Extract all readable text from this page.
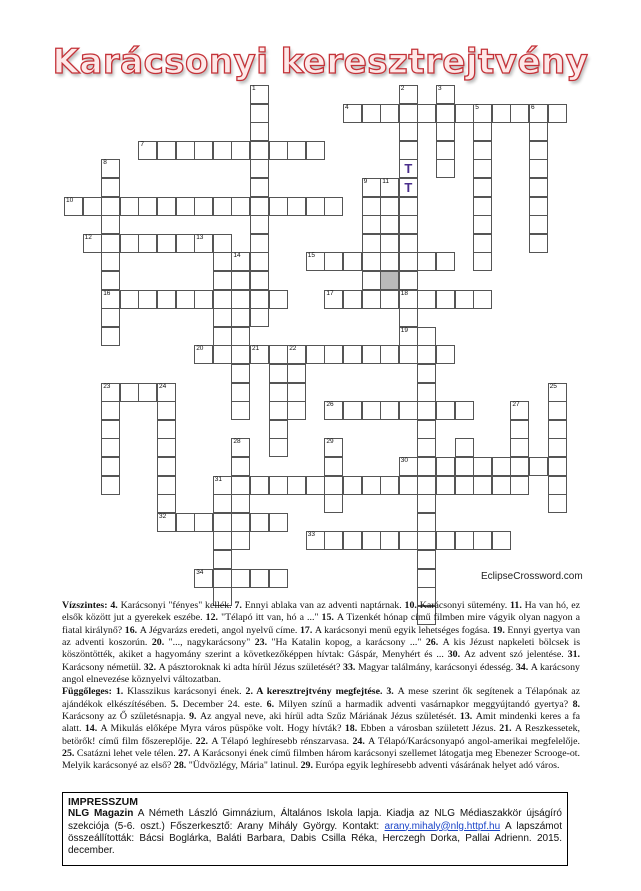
Karácsonyi keresztrejtvény
4	5	6
7
10
12	13
15
16	17	18
20	21	22
23	24
26
30
31
32
33
34
1	2
T
T
19
3
8
9 11
14
25
27
28	29
EclipseCrossword.com

Vízszintes: 4. Karácsonyi "fényes" kellék. 7. Ennyi ablaka van az adventi naptárnak. 10. Karácsonyi sütemény. 11. Ha van hó, ez elsők között jut a gyerekek eszébe. 12. "Télapó itt van, hó a ..." 15. A Tizenkét hónap című filmben mire vágyik olyan nagyon a fiatal királynő? 16. A Jégvarázs eredeti, angol nyelvű címe. 17. A karácsonyi menü egyik lehetséges fogása. 19. Ennyi gyertya van az adventi koszorún. 20. "..., nagykarácsony" 23. "Ha Katalin kopog, a karácsony ..." 26. A kis Jézust napkeleti bölcsek is köszöntötték, akiket a hagyomány szerint a következőképpen hívtak: Gáspár, Menyhért és ... 30. Az advent szó jelentése. 31. Karácsony németül. 32. A pásztoroknak ki adta hírül Jézus születését? 33. Magyar találmány, karácsonyi édesség. 34. A karácsony angol elnevezése köznyelvi változatban.

Függőleges: 1. Klasszikus karácsonyi ének. 2. A keresztrejtvény megfejtése. 3. A mese szerint ők segítenek a Télapónak az ajándékok elkészítésében. 5. December 24. este. 6. Milyen színű a harmadik adventi vasárnapkor meggyújtandó gyertya? 8. Karácsony az Ő születésnapja. 9. Az angyal neve, aki hírül adta Szűz Máriának Jézus születését. 13. Amit mindenki keres a fa alatt. 14. A Mikulás előképe Myra város püspöke volt. Hogy hívták? 18. Ebben a városban született Jézus. 21. A Reszkessetek, betörők! című film főszereplője. 22. A Télapó leghíresebb rénszarvasa. 24. A Télapó/Karácsonyapó angol-amerikai megfelelője. 25. Csatázni lehet vele télen. 27. A Karácsonyi ének című filmben három karácsonyi szellemet látogatja meg Ebenezer Scrooge-ot. Melyik karácsonyé az első? 28. "Üdvözlégy, Mária" latinul. 29. Európa egyik leghíresebb adventi vásárának helyet adó város.

IMPRESSZUM
NLG Magazin A Németh László Gimnázium, Általános Iskola lapja. Kiadja az NLG Médiaszakkör újságíró szekciója (5-6. oszt.) Főszerkesztő: Arany Mihály György. Kontakt: arany.mihaly@nlg.httpf.hu A lapszámot összeállították: Bácsi Boglárka, Baláti Barbara, Dabis Csilla Réka, Herczegh Dorka, Pallai Adrienn. 2015. december.
